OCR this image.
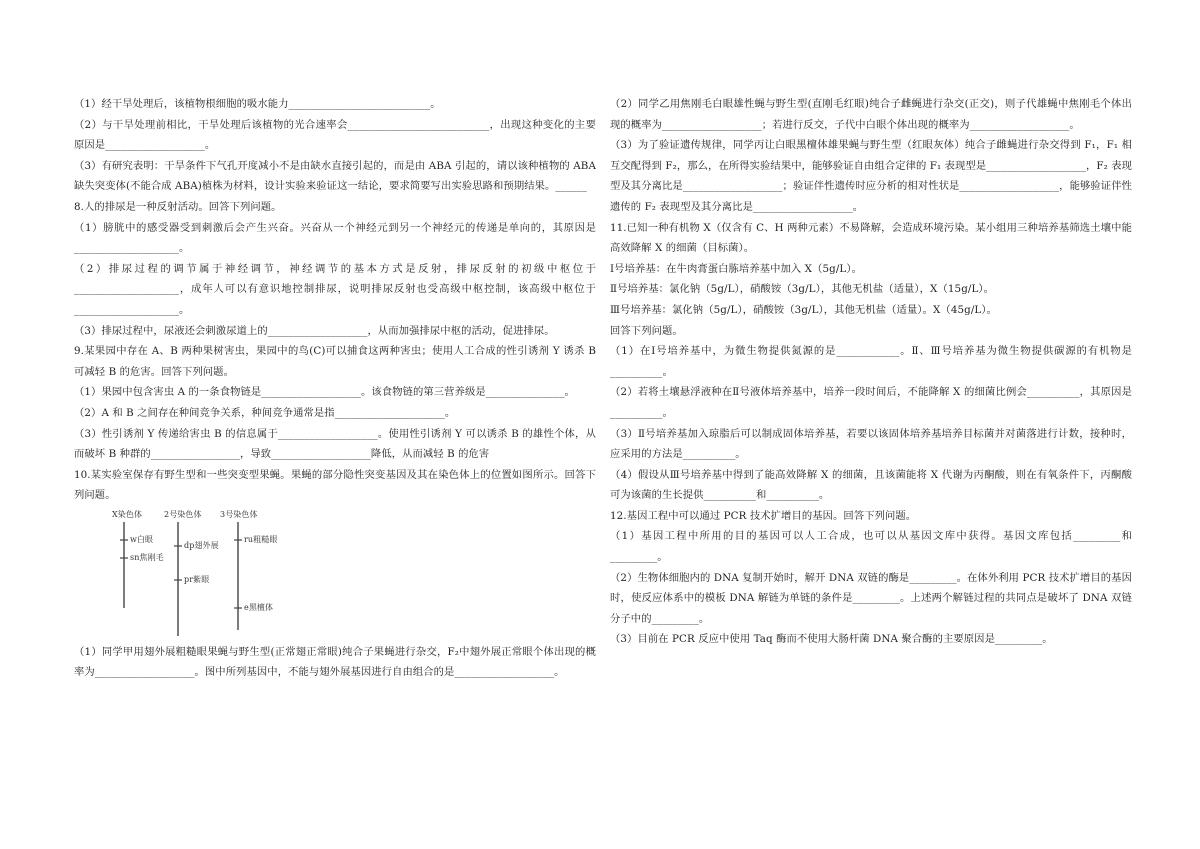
（1）经干旱处理后，该植物根细胞的吸水能力___________________________。

（2）与干旱处理前相比，干旱处理后该植物的光合速率会___________________________，出现这种变化的主要原因是___________________。

（3）有研究表明：干旱条件下气孔开度减小不是由缺水直接引起的，而是由 ABA 引起的，请以该种植物的 ABA 缺失突变体(不能合成 ABA)植株为材料，设计实验来验证这一结论，要求简要写出实验思路和预期结果。______

8.人的排尿是一种反射活动。回答下列问题。

（1）膀胱中的感受器受到刺激后会产生兴奋。兴奋从一个神经元到另一个神经元的传递是单向的，其原因是____________________。

（2）排尿过程的调节属于神经调节，神经调节的基本方式是反射，排尿反射的初级中枢位于____________________，成年人可以有意识地控制排尿，说明排尿反射也受高级中枢控制，该高级中枢位于____________________。

（3）排尿过程中，尿液还会刺激尿道上的___________________，从而加强排尿中枢的活动，促进排尿。

9.某果园中存在 A、B 两种果树害虫，果园中的鸟(C)可以捕食这两种害虫；使用人工合成的性引诱剂 Y 诱杀 B 可减轻 B 的危害。回答下列问题。

（1）果园中包含害虫 A 的一条食物链是___________________。该食物链的第三营养级是_______________。

（2）A 和 B 之间存在种间竞争关系，种间竞争通常是指_____________________。

（3）性引诱剂 Y 传递给害虫 B 的信息属于___________________。使用性引诱剂 Y 可以诱杀 B 的雄性个体，从而破坏 B 种群的_________________，导致___________________降低，从而减轻 B 的危害

10.某实验室保存有野生型和一些突变型果蝇。果蝇的部分隐性突变基因及其在染色体上的位置如图所示。回答下列问题。

X染色体	2号染色体 3号染色体
w白眼
sn焦刚毛
dp翅外展
pr紫眼
ru粗糙眼
e黑檀体

（1）同学甲用翅外展粗糙眼果蝇与野生型(正常翅正常眼)纯合子果蝇进行杂交，F₂中翅外展正常眼个体出现的概率为___________________。图中所列基因中，不能与翅外展基因进行自由组合的是___________________。

（2）同学乙用焦刚毛白眼雄性蝇与野生型(直刚毛红眼)纯合子雌蝇进行杂交(正交)，则子代雄蝇中焦刚毛个体出现的概率为___________________；若进行反交，子代中白眼个体出现的概率为___________________。

（3）为了验证遗传规律，同学丙让白眼黑檀体雄果蝇与野生型（红眼灰体）纯合子雌蝇进行杂交得到 F₁，F₁ 相互交配得到 F₂，那么，在所得实验结果中，能够验证自由组合定律的 F₁ 表现型是___________________，F₂ 表现型及其分离比是___________________；验证伴性遗传时应分析的相对性状是___________________，能够验证伴性遗传的 F₂ 表现型及其分离比是___________________。

11.已知一种有机物 X（仅含有 C、H 两种元素）不易降解，会造成环境污染。某小组用三种培养基筛选土壤中能高效降解 X 的细菌（目标菌）。

Ⅰ号培养基：在牛肉膏蛋白胨培养基中加入 X（5g/L）。

Ⅱ号培养基：氯化钠（5g/L），硝酸铵（3g/L），其他无机盐（适量），X（15g/L）。

Ⅲ号培养基：氯化钠（5g/L），硝酸铵（3g/L），其他无机盐（适量）。X（45g/L）。

回答下列问题。

（1）在Ⅰ号培养基中，为微生物提供氮源的是____________。Ⅱ、Ⅲ号培养基为微生物提供碳源的有机物是__________。

（2）若将土壤悬浮液种在Ⅱ号液体培养基中，培养一段时间后，不能降解 X 的细菌比例会__________，其原因是__________。

（3）Ⅱ号培养基加入琼脂后可以制成固体培养基，若要以该固体培养基培养目标菌并对菌落进行计数，接种时，应采用的方法是__________。

（4）假设从Ⅲ号培养基中得到了能高效降解 X 的细菌，且该菌能将 X 代谢为丙酮酸，则在有氧条件下，丙酮酸可为该菌的生长提供__________和__________。

12.基因工程中可以通过 PCR 技术扩增目的基因。回答下列问题。

（1）基因工程中所用的目的基因可以人工合成，也可以从基因文库中获得。基因文库包括_________和_________。

（2）生物体细胞内的 DNA 复制开始时，解开 DNA 双链的酶是_________。在体外利用 PCR 技术扩增目的基因时，使反应体系中的模板 DNA 解链为单链的条件是_________。上述两个解链过程的共同点是破坏了 DNA 双链分子中的_________。

（3）目前在 PCR 反应中使用 Taq 酶而不使用大肠杆菌 DNA 聚合酶的主要原因是_________。
